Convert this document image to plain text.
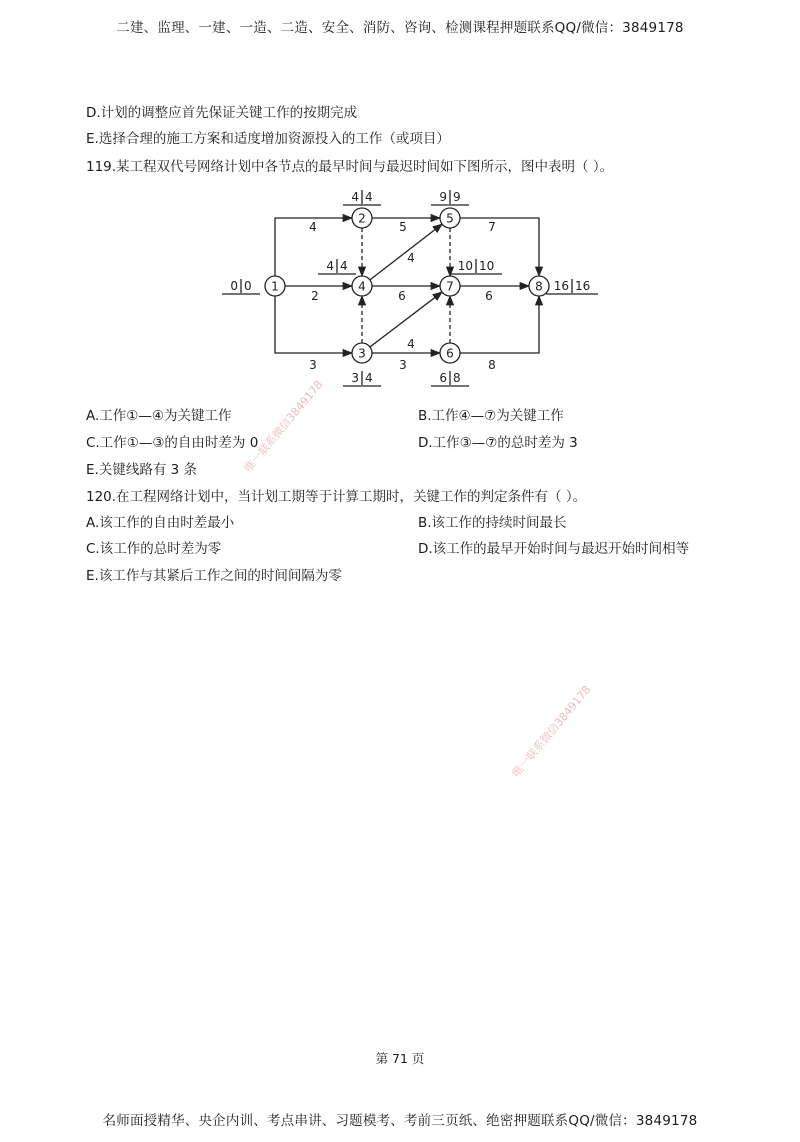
二建、监理、一建、一造、二造、安全、消防、咨询、检测课程押题联系QQ/微信：3849178
D.计划的调整应首先保证关键工作的按期完成
E.选择合理的施工方案和适度增加资源投入的工作（或项目）
119.某工程双代号网络计划中各节点的最早时间与最迟时间如下图所示，图中表明（ ）。
4
2
3
5
4
6
4
3
7
6
8
1
0 0
2
4 4
3
3 4
4
4 4
5
9 9
6
6 8
7
10 10
8 16 16
A.工作①—④为关键工作	B.工作④—⑦为关键工作
C.工作①—③的自由时差为 0	D.工作③—⑦的总时差为 3
E.关键线路有 3 条
120.在工程网络计划中，当计划工期等于计算工期时，关键工作的判定条件有（ ）。
A.该工作的自由时差最小	B.该工作的持续时间最长
C.该工作的总时差为零	D.该工作的最早开始时间与最迟开始时间相等
E.该工作与其紧后工作之间的时间间隔为零
唯一联系微信3849178
唯一联系微信3849178
第 71 页
名师面授精华、央企内训、考点串讲、习题模考、考前三页纸、绝密押题联系QQ/微信：3849178
